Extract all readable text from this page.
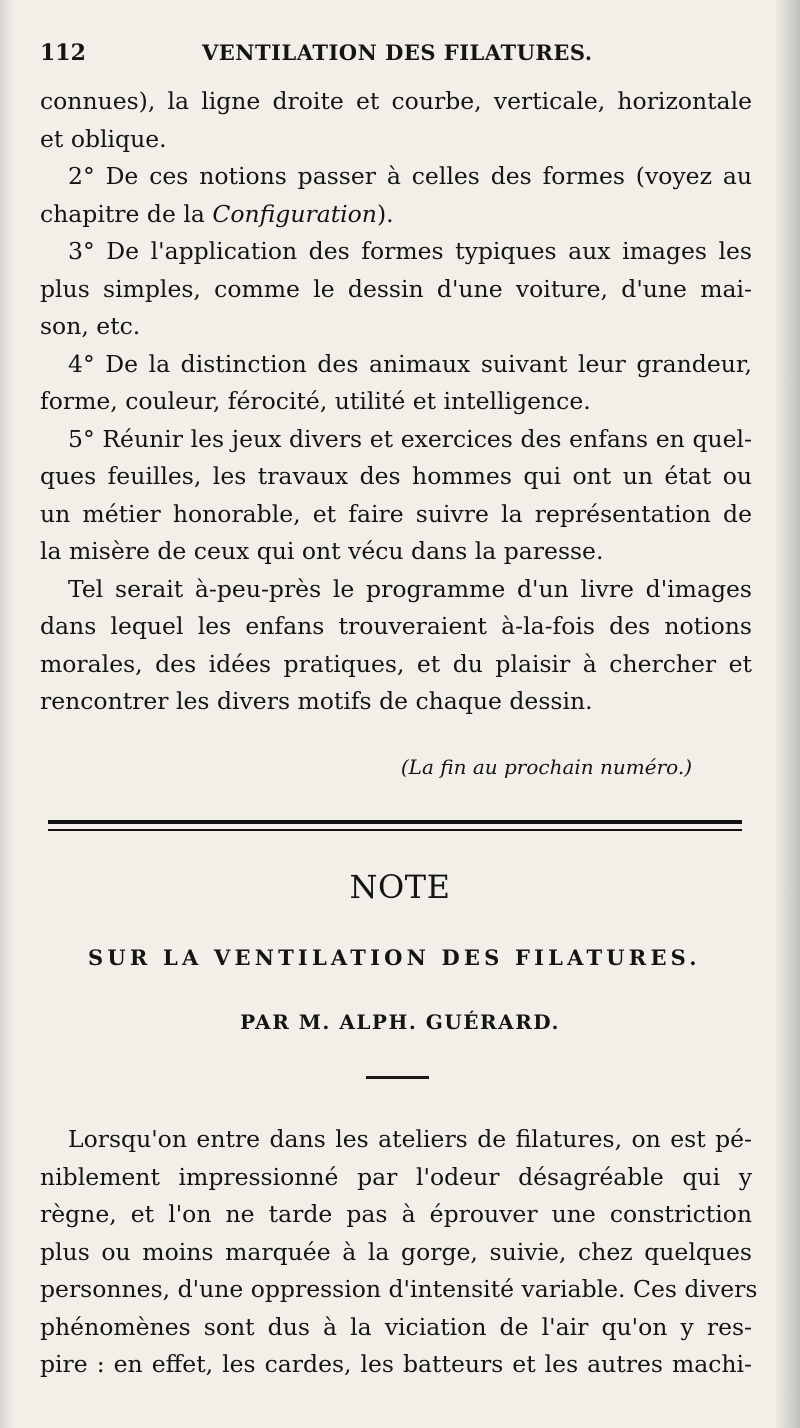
112	VENTILATION DES FILATURES.
connues), la ligne droite et courbe, verticale, horizontale
et oblique.
2° De ces notions passer à celles des formes (voyez au
chapitre de la Configuration).
3° De l'application des formes typiques aux images les
plus simples, comme le dessin d'une voiture, d'une mai-
son, etc.
4° De la distinction des animaux suivant leur grandeur,
forme, couleur, férocité, utilité et intelligence.
5° Réunir les jeux divers et exercices des enfans en quel-
ques feuilles, les travaux des hommes qui ont un état ou
un métier honorable, et faire suivre la représentation de
la misère de ceux qui ont vécu dans la paresse.
Tel serait à-peu-près le programme d'un livre d'images
dans lequel les enfans trouveraient à-la-fois des notions
morales, des idées pratiques, et du plaisir à chercher et
rencontrer les divers motifs de chaque dessin.
(La fin au prochain numéro.)
NOTE
SUR LA VENTILATION DES FILATURES.
PAR M. ALPH. GUÉRARD.
Lorsqu'on entre dans les ateliers de filatures, on est pé-
niblement impressionné par l'odeur désagréable qui y
règne, et l'on ne tarde pas à éprouver une constriction
plus ou moins marquée à la gorge, suivie, chez quelques
personnes, d'une oppression d'intensité variable. Ces divers
phénomènes sont dus à la viciation de l'air qu'on y res-
pire : en effet, les cardes, les batteurs et les autres machi-
